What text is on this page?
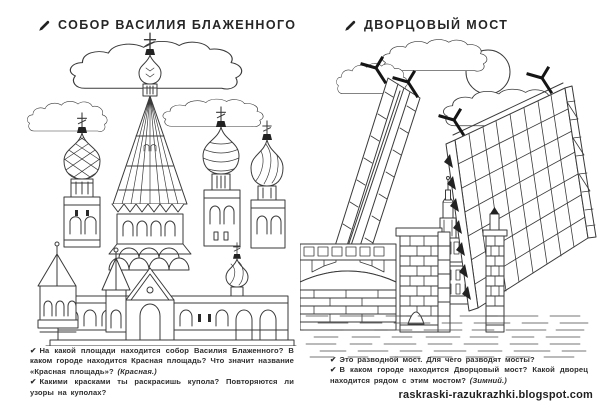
СОБОР ВАСИЛИЯ БЛАЖЕННОГО

✔ На какой площади находится собор Василия Блаженного? В каком городе находится Красная площадь? Что значит название «Красная площадь»? (Красная.)

✔ Какими красками ты раскрасишь купола? Повторяются ли узоры на куполах?

ДВОРЦОВЫЙ МОСТ

✔ Это разводной мост. Для чего разводят мосты?

✔ В каком городе находится Дворцовый мост? Какой дворец находится рядом с этим мостом? (Зимний.)

raskraski-razukrazhki.blogspot.com
